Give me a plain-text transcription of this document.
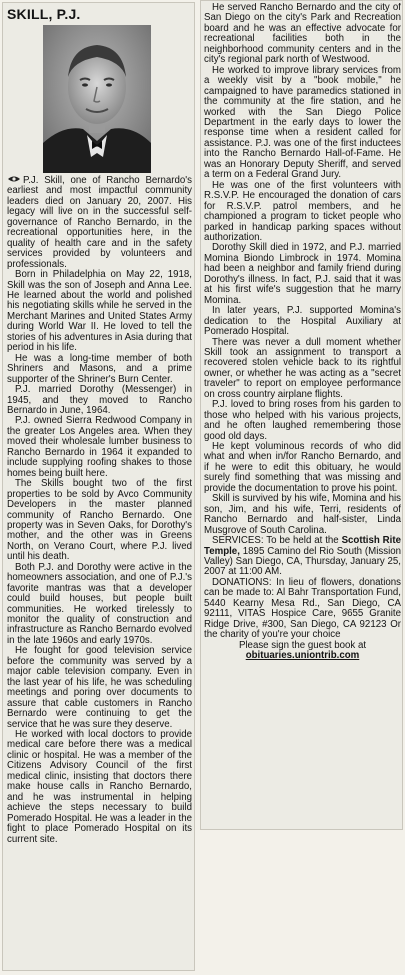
SKILL, P.J.

P.J. Skill, one of Rancho Bernardo's earliest and most impactful community leaders died on January 20, 2007. His legacy will live on in the successful self-governance of Rancho Bernardo, in the recreational opportunities here, in the quality of health care and in the safety services provided by volunteers and professionals.

Born in Philadelphia on May 22, 1918, Skill was the son of Joseph and Anna Lee. He learned about the world and polished his negotiating skills while he served in the Merchant Marines and United States Army during World War II. He loved to tell the stories of his adventures in Asia during that period in his life.

He was a long-time member of both Shriners and Masons, and a prime supporter of the Shriner's Burn Center.

P.J. married Dorothy (Messenger) in 1945, and they moved to Rancho Bernardo in June, 1964.

P.J. owned Sierra Redwood Company in the greater Los Angeles area. When they moved their wholesale lumber business to Rancho Bernardo in 1964 it expanded to include supplying roofing shakes to those homes being built here.

The Skills bought two of the first properties to be sold by Avco Community Developers in the master planned community of Rancho Bernardo. One property was in Seven Oaks, for Dorothy's mother, and the other was in Greens North, on Verano Court, where P.J. lived until his death.

Both P.J. and Dorothy were active in the homeowners association, and one of P.J.'s favorite mantras was that a developer could build houses, but people built communities. He worked tirelessly to monitor the quality of construction and infrastructure as Rancho Bernardo evolved in the late 1960s and early 1970s.

He fought for good television service before the community was served by a major cable television company. Even in the last year of his life, he was scheduling meetings and poring over documents to assure that cable customers in Rancho Bernardo were continuing to get the service that he was sure they deserve.

He worked with local doctors to provide medical care before there was a medical clinic or hospital. He was a member of the Citizens Advisory Council of the first medical clinic, insisting that doctors there make house calls in Rancho Bernardo, and he was instrumental in helping achieve the steps necessary to build Pomerado Hospital. He was a leader in the fight to place Pomerado Hospital on its current site.

He served Rancho Bernardo and the city of San Diego on the city's Park and Recreation board and he was an effective advocate for recreational facilities both in the neighborhood community centers and in the city's regional park north of Westwood.

He worked to improve library services from a weekly visit by a "book mobile," he campaigned to have paramedics stationed in the community at the fire station, and he worked with the San Diego Police Department in the early days to lower the response time when a resident called for assistance. P.J. was one of the first inductees into the Rancho Bernardo Hall-of-Fame. He was an Honorary Deputy Sheriff, and served a term on a Federal Grand Jury.

He was one of the first volunteers with R.S.V.P. He encouraged the donation of cars for R.S.V.P. patrol members, and he championed a program to ticket people who parked in handicap parking spaces without authorization.

Dorothy Skill died in 1972, and P.J. married Momina Biondo Limbrock in 1974. Momina had been a neighbor and family friend during Dorothy's illness. In fact, P.J. said that it was at his first wife's suggestion that he marry Momina.

In later years, P.J. supported Momina's dedication to the Hospital Auxiliary at Pomerado Hospital.

There was never a dull moment whether Skill took an assignment to transport a recovered stolen vehicle back to its rightful owner, or whether he was acting as a "secret traveler" to report on employee performance on cross country airplane flights.

P.J. loved to bring roses from his garden to those who helped with his various projects, and he often laughed remembering those good old days.

He kept voluminous records of who did what and when in/for Rancho Bernardo, and if he were to edit this obituary, he would surely find something that was missing and provide the documentation to prove his point.

Skill is survived by his wife, Momina and his son, Jim, and his wife, Terri, residents of Rancho Bernardo and half-sister, Linda Musgrove of South Carolina.

SERVICES: To be held at the Scottish Rite Temple, 1895 Camino del Rio South (Mission Valley) San Diego, CA, Thursday, January 25, 2007 at 11:00 AM.

DONATIONS: In lieu of flowers, donations can be made to: Al Bahr Transportation Fund, 5440 Kearny Mesa Rd., San Diego, CA 92111, VITAS Hospice Care, 9655 Granite Ridge Drive, #300, San Diego, CA 92123 Or the charity of you're your choice

Please sign the guest book at

obituaries.uniontrib.com
